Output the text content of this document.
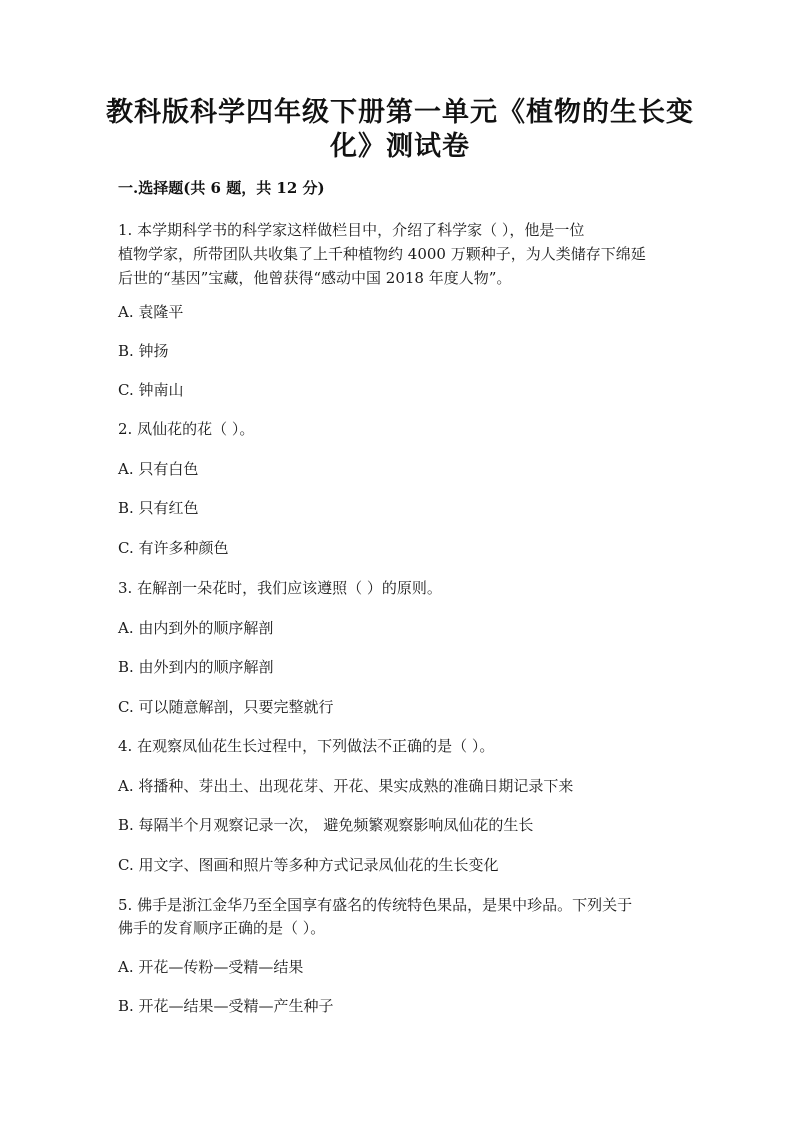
教科版科学四年级下册第一单元《植物的生长变
化》测试卷
一.选择题(共 6 题，共 12 分)
1. 本学期科学书的科学家这样做栏目中，介绍了科学家（ ），他是一位
植物学家，所带团队共收集了上千种植物约 4000 万颗种子，为人类储存下绵延
后世的“基因”宝藏，他曾获得“感动中国 2018 年度人物”。
A. 袁隆平
B. 钟扬
C. 钟南山
2. 凤仙花的花（ ）。
A. 只有白色
B. 只有红色
C. 有许多种颜色
3. 在解剖一朵花时，我们应该遵照（ ）的原则。
A. 由内到外的顺序解剖
B. 由外到内的顺序解剖
C. 可以随意解剖，只要完整就行
4. 在观察凤仙花生长过程中，下列做法不正确的是（ ）。
A. 将播种、芽出土、出现花芽、开花、果实成熟的准确日期记录下来
B. 每隔半个月观察记录一次， 避免频繁观察影响凤仙花的生长
C. 用文字、图画和照片等多种方式记录凤仙花的生长变化
5. 佛手是浙江金华乃至全国享有盛名的传统特色果品，是果中珍品。下列关于
佛手的发育顺序正确的是（ ）。
A. 开花—传粉—受精—结果
B. 开花—结果—受精—产生种子
